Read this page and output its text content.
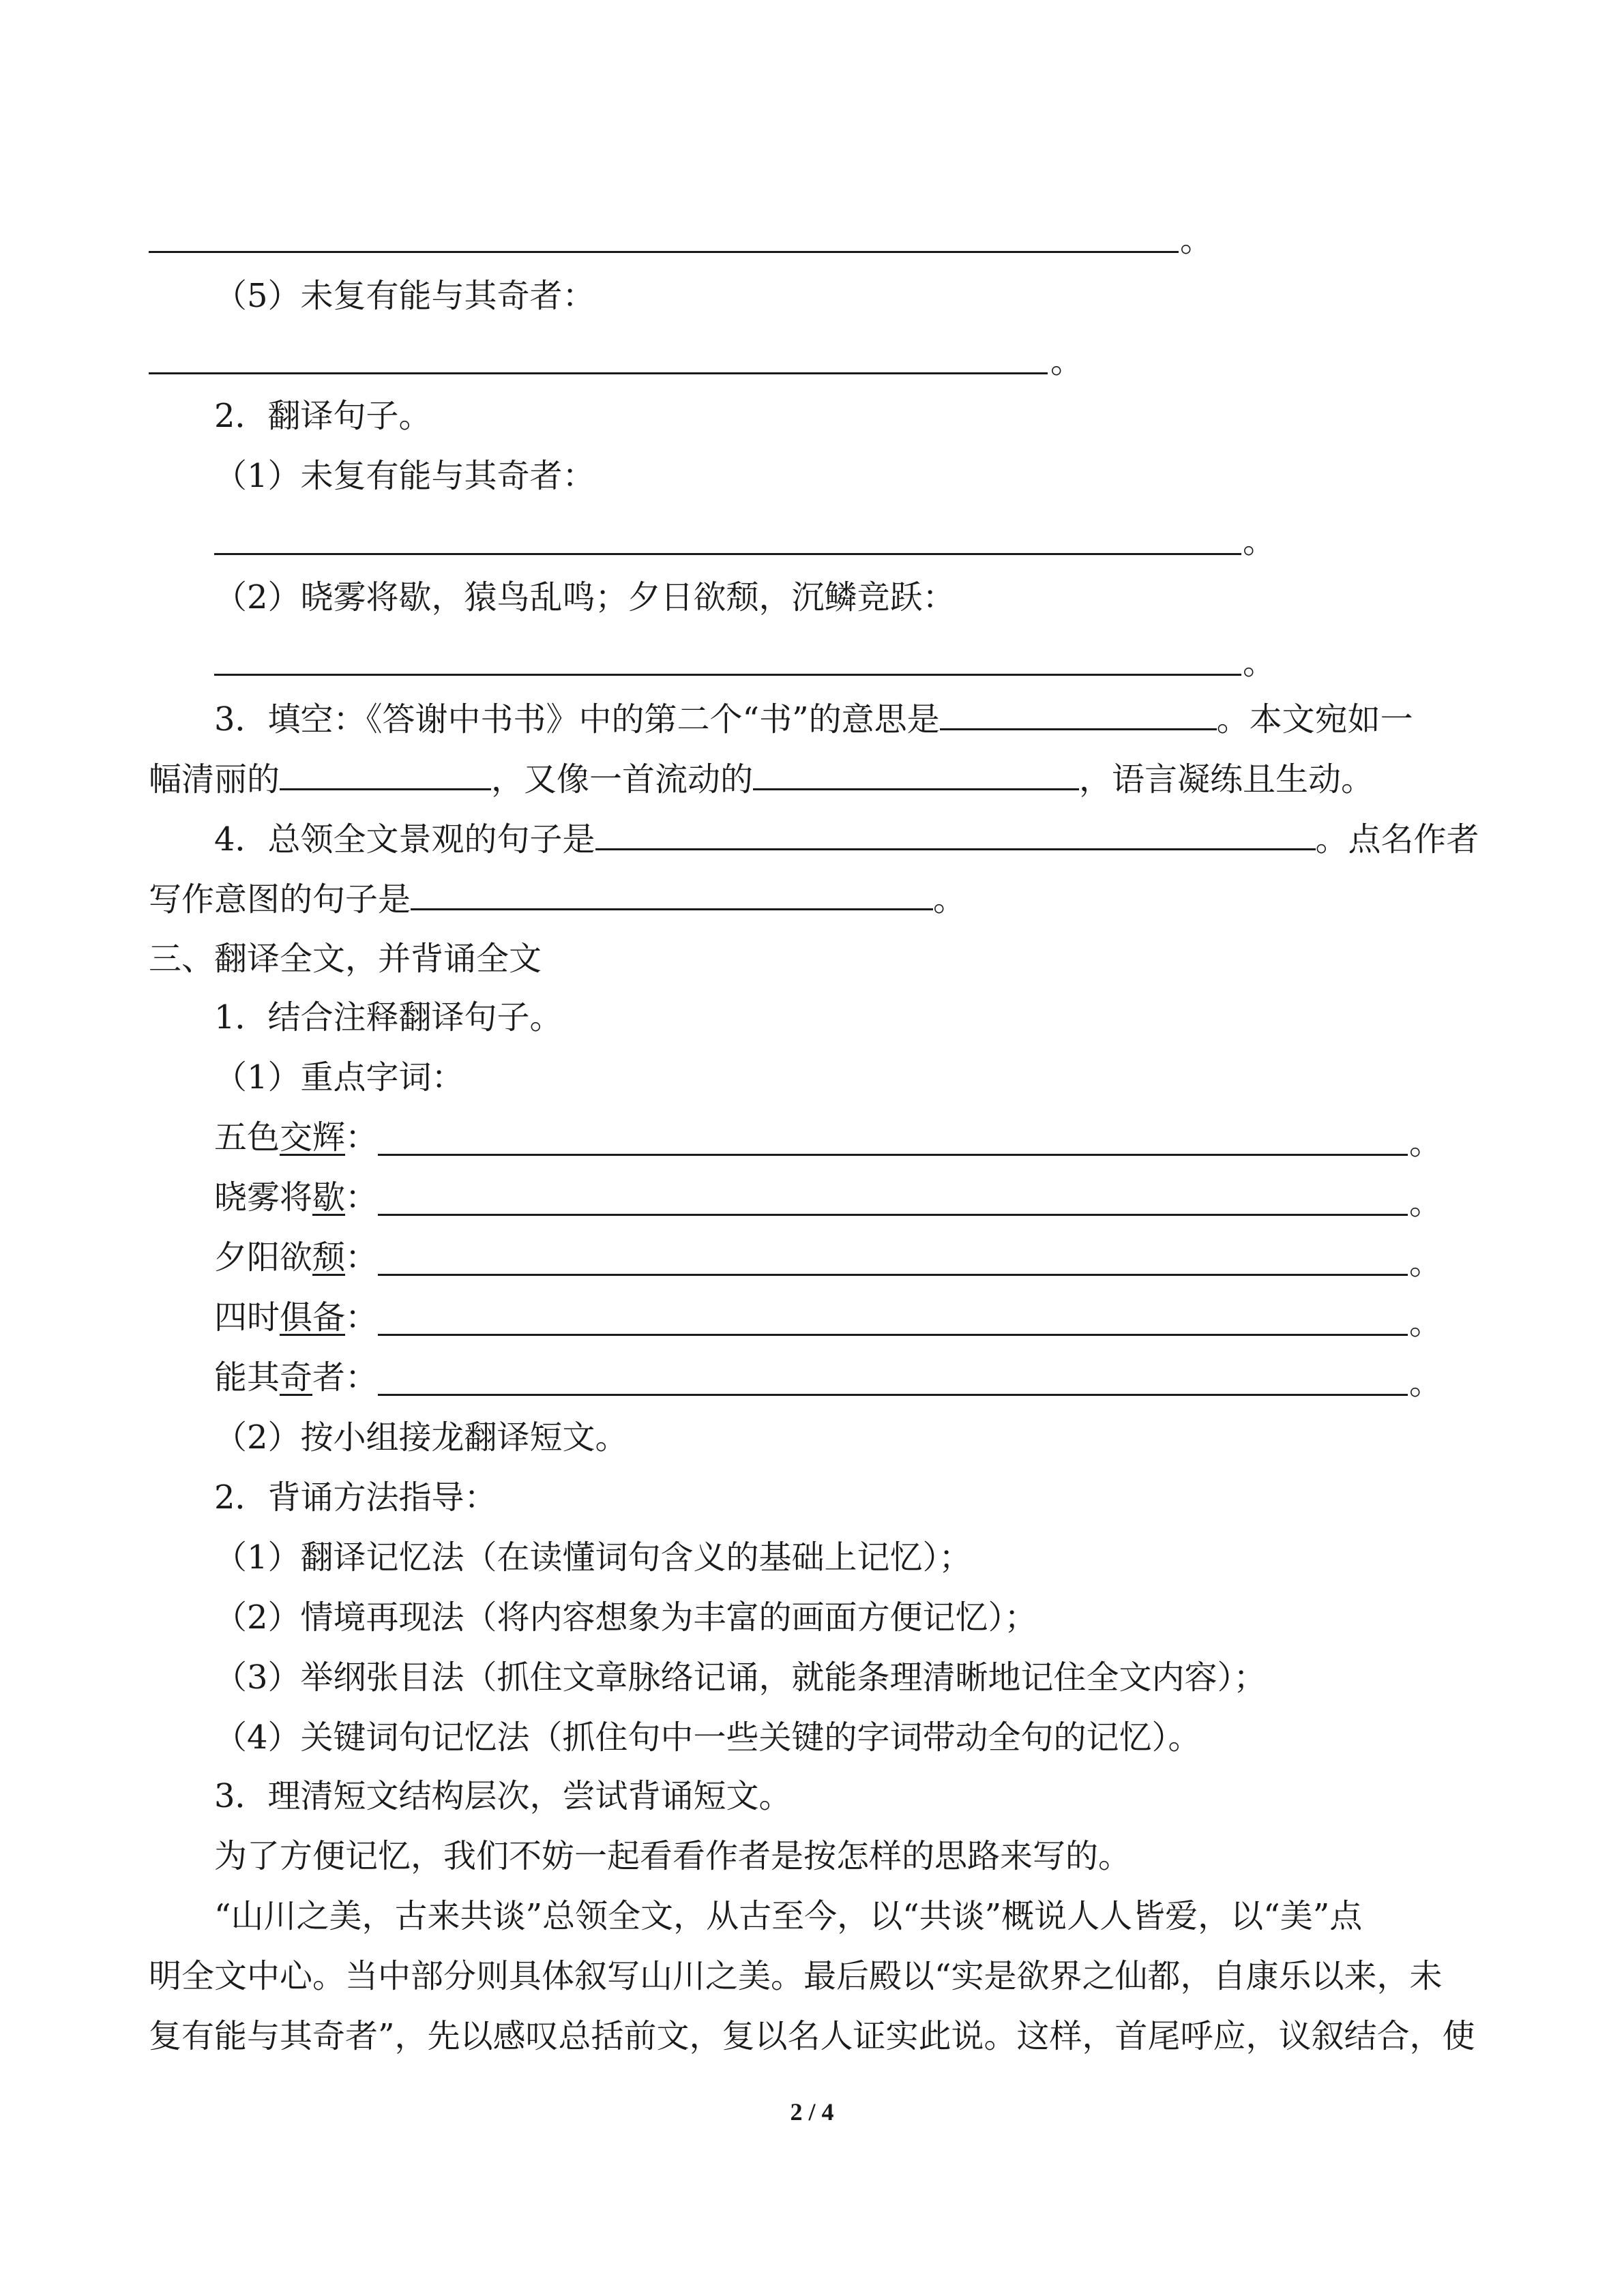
。
（5）未复有能与其奇者：
。
2．翻译句子。
（1）未复有能与其奇者：
。
（2）晓雾将歇，猿鸟乱鸣；夕日欲颓，沉鳞竞跃：
。
3．填空：《答谢中书书》中的第二个“书”的意思是	。本文宛如一
幅清丽的	，又像一首流动的	，语言凝练且生动。
4．总领全文景观的句子是	。点名作者
写作意图的句子是	。
三、翻译全文，并背诵全文
1．结合注释翻译句子。
（1）重点字词：
五色交辉：	。
晓雾将歇：	。
夕阳欲颓：	。
四时俱备：	。
能其奇者：	。
（2）按小组接龙翻译短文。
2．背诵方法指导：
（1）翻译记忆法（在读懂词句含义的基础上记忆）；
（2）情境再现法（将内容想象为丰富的画面方便记忆）；
（3）举纲张目法（抓住文章脉络记诵，就能条理清晰地记住全文内容）；
（4）关键词句记忆法（抓住句中一些关键的字词带动全句的记忆）。
3．理清短文结构层次，尝试背诵短文。
为了方便记忆，我们不妨一起看看作者是按怎样的思路来写的。
“山川之美，古来共谈”总领全文，从古至今，以“共谈”概说人人皆爱，以“美”点
明全文中心。当中部分则具体叙写山川之美。最后殿以“实是欲界之仙都，自康乐以来，未
复有能与其奇者”，先以感叹总括前文，复以名人证实此说。这样，首尾呼应，议叙结合，使
2 / 4
